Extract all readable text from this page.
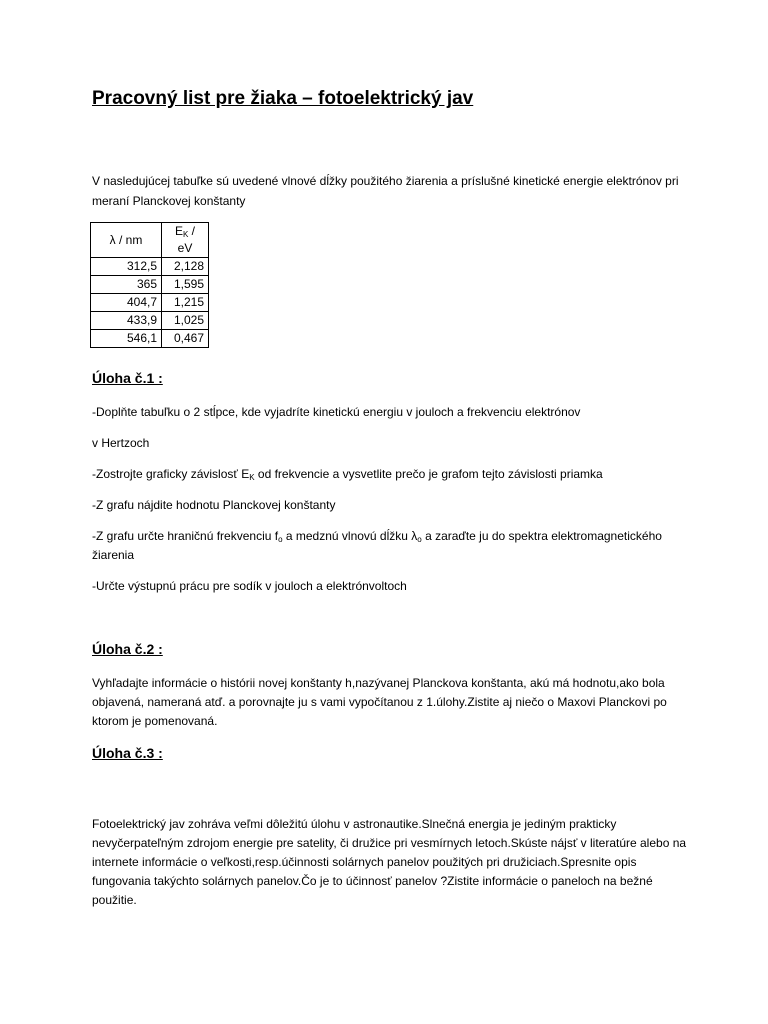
Pracovný list pre žiaka – fotoelektrický jav

V nasledujúcej tabuľke sú uvedené vlnové dĺžky použitého žiarenia a príslušné kinetické energie elektrónov pri meraní Planckovej konštanty

λ / nm	$E_K$ / eV
312,5	2,128
365	1,595
404,7	1,215
433,9	1,025
546,1	0,467
Úloha č.1 :

-Doplňte tabuľku o 2 stĺpce, kde vyjadríte kinetickú energiu v jouloch a frekvenciu elektrónov

v Hertzoch

-Zostrojte graficky závislosť $E_K$ od frekvencie a vysvetlite prečo je grafom tejto závislosti priamka

-Z grafu nájdite hodnotu Planckovej konštanty

-Z grafu určte hraničnú frekvenciu $f_o$ a medznú vlnovú dĺžku $\lambda_o$ a zaraďte ju do spektra elektromagnetického žiarenia

-Určte výstupnú prácu pre sodík v jouloch a elektrónvoltoch

Úloha č.2 :

Vyhľadajte informácie o histórii novej konštanty h,nazývanej Planckova konštanta, akú má hodnotu,ako bola objavená, nameraná atď. a porovnajte ju s vami vypočítanou z 1.úlohy.Zistite aj niečo o Maxovi Planckovi po ktorom je pomenovaná.

Úloha č.3 :

Fotoelektrický jav zohráva veľmi dôležitú úlohu v astronautike.Slnečná energia je jediným prakticky nevyčerpateľným zdrojom energie pre satelity, či družice pri vesmírnych letoch.Skúste nájsť v literatúre alebo na internete informácie o veľkosti,resp.účinnosti solárnych panelov použitých pri družiciach.Spresnite opis fungovania takýchto solárnych panelov.Čo je to účinnosť panelov ?Zistite informácie o paneloch na bežné použitie.
